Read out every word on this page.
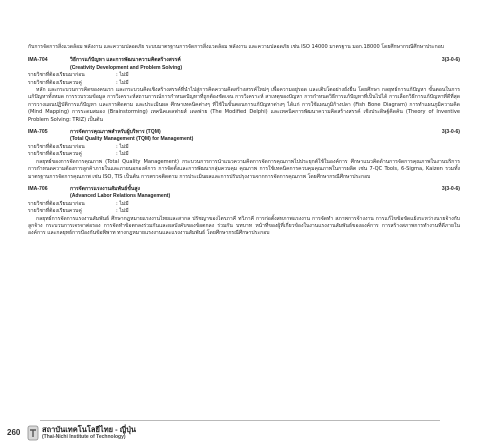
กับการจัดการสิ่งแวดล้อม พลังงาน และความปลอดภัย ระบบมาตรฐานการจัดการสิ่งแวดล้อม พลังงาน และความปลอดภัย เช่น ISO 14000 มาตรฐาน มอก.18000 โดยศึกษากรณีศึกษาประกอบ

IMA-704	วิธีการแก้ปัญหา และการพัฒนาความคิดสร้างสรรค์	3(3-0-6)
(Creativity Development and Problem Solving)
รายวิชาที่ต้องเรียนมาก่อน	: ไม่มี
รายวิชาที่ต้องเรียนควบคู่	: ไม่มี
หลัก และกระบวนการคิดของคนเรา และกระบวนคิดเชิงสร้างสรรค์ที่นำไปสู่การคิดความคิดสร้างสรรค์ใหม่ๆ เพื่อความอยู่รอด และเติบโตอย่างยั่งยืน โดยศึกษา กลยุทธ์การแก้ปัญหา ขั้นตอนในการแก้ปัญหาทั้งหมด การรวบรวมข้อมูล การวิเคราะห์สถานการณ์การกำหนดปัญหาที่ถูกต้องชัดเจน การวิเคราะห์ สาเหตุของปัญหา การกำหนดวิธีการแก้ปัญหาที่เป็นไปได้ การเลือกวิธีการแก้ปัญหาที่ดีที่สุด การวางแผนปฏิบัติการแก้ปัญหา และการติดตาม และประเมินผล ศึกษาเทคนิคต่างๆ ที่ใช้ในขั้นตอนการแก้ปัญหาต่างๆ ได้แก่ การใช้แผนภูมิก้างปลา (Fish Bone Diagram) การทำแผนภูมิความคิด (Mind Mapping) การระดมสมอง (Brainstorming) เทคนิคเดลฟายส์ เดลฟาย (The Modified Delphi) และเทคนิคการพัฒนาความคิดสร้างสรรค์ เชิงประดิษฐ์คิดค้น (Theory of Inventive Problem Solving: TRIZ) เป็นต้น
IMA-705	การจัดการคุณภาพสำหรับผู้บริหาร (TQM)	3(3-0-6)
(Total Quality Management (TQM) for Management)
รายวิชาที่ต้องเรียนมาก่อน	: ไม่มี
รายวิชาที่ต้องเรียนควบคู่	: ไม่มี
กลยุทธ์ของการจัดการคุณภาพ (Total Quality Management) กระบวนการการนำแนวความคิดการจัดการคุณภาพไปประยุกต์ใช้ในองค์การ ศึกษาแนวคิดด้านการจัดการคุณภาพในงานบริการ การกำหนดความต้องการลูกค้าภายในและภายนอกองค์การ การจัดตั้งและการพัฒนากลุ่มควบคุม คุณภาพ การใช้เทคนิคการควบคุมคุณภาพในการผลิต เช่น 7-QC Tools, 6-Sigma, Kaizen รวมทั้งมาตรฐานการจัดการคุณภาพ เช่น ISO, TIS เป็นต้น การตรวจติดตาม การประเมินผลและการปรับปรุงงานจากการจัดการคุณภาพ โดยศึกษากรณีศึกษาประกอบ
IMA-706	การจัดการแรงงานสัมพันธ์ขั้นสูง	3(3-0-6)
(Advanced Labor Relations Management)
รายวิชาที่ต้องเรียนมาก่อน	: ไม่มี
รายวิชาที่ต้องเรียนควบคู่	: ไม่มี
กลยุทธ์การจัดการแรงงานสัมพันธ์ ศึกษากฎหมายแรงงานไทยและสากล ปรัชญาของไตรภาคี ทวิภาคี การก่อตั้งสหภาพแรงงาน การจัดทำ สภาพการจ้างงาน การแก้ไขข้อขัดแย้งระหว่างนายจ้างกับลูกจ้าง กระบวนการเจรจาต่อรอง การจัดทำข้อตกลงร่วมกันและผลบังคับของข้อตกลง ร่วมกัน บทบาท หน้าที่ของผู้ที่เกี่ยวข้องในงานแรงงานสัมพันธ์ขององค์การ การสร้างสภาพการทำงานที่ดีภายในองค์การ และกลยุทธ์การป้องกันข้อพิพาท ทางกฎหมายแรงงานและแรงงานสัมพันธ์ โดยศึกษากรณีศึกษาประกอบ
260	สถาบันเทคโนโลยีไทย - ญี่ปุ่น
(Thai-Nichi Institute of Technology)
